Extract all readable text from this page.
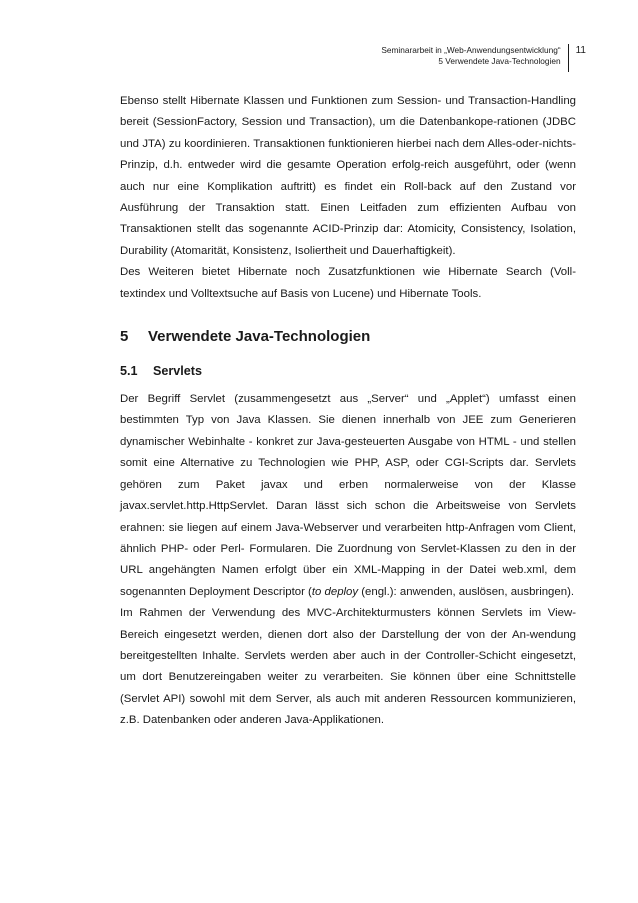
Seminararbeit in „Web-Anwendungsentwicklung“
5 Verwendete Java-Technologien
11

Ebenso stellt Hibernate Klassen und Funktionen zum Session- und Transaction-Handling bereit (SessionFactory, Session und Transaction), um die Datenbankope-rationen (JDBC und JTA) zu koordinieren. Transaktionen funktionieren hierbei nach dem Alles-oder-nichts-Prinzip, d.h. entweder wird die gesamte Operation erfolg-reich ausgeführt, oder (wenn auch nur eine Komplikation auftritt) es findet ein Roll-back auf den Zustand vor Ausführung der Transaktion statt. Einen Leitfaden zum effizienten Aufbau von Transaktionen stellt das sogenannte ACID-Prinzip dar: Atomicity, Consistency, Isolation, Durability (Atomarität, Konsistenz, Isoliertheit und Dauerhaftigkeit).

Des Weiteren bietet Hibernate noch Zusatzfunktionen wie Hibernate Search (Voll-textindex und Volltextsuche auf Basis von Lucene) und Hibernate Tools.

5 Verwendete Java-Technologien
5.1 Servlets

Der Begriff Servlet (zusammengesetzt aus „Server“ und „Applet“) umfasst einen bestimmten Typ von Java Klassen. Sie dienen innerhalb von JEE zum Generieren dynamischer Webinhalte - konkret zur Java-gesteuerten Ausgabe von HTML - und stellen somit eine Alternative zu Technologien wie PHP, ASP, oder CGI-Scripts dar. Servlets gehören zum Paket javax und erben normalerweise von der Klasse javax.servlet.http.HttpServlet. Daran lässt sich schon die Arbeitsweise von Servlets erahnen: sie liegen auf einem Java-Webserver und verarbeiten http-Anfragen vom Client, ähnlich PHP- oder Perl- Formularen. Die Zuordnung von Servlet-Klassen zu den in der URL angehängten Namen erfolgt über ein XML-Mapping in der Datei web.xml, dem sogenannten Deployment Descriptor (to deploy (engl.): anwenden, auslösen, ausbringen).

Im Rahmen der Verwendung des MVC-Architekturmusters können Servlets im View-Bereich eingesetzt werden, dienen dort also der Darstellung der von der An-wendung bereitgestellten Inhalte. Servlets werden aber auch in der Controller-Schicht eingesetzt, um dort Benutzereingaben weiter zu verarbeiten. Sie können über eine Schnittstelle (Servlet API) sowohl mit dem Server, als auch mit anderen Ressourcen kommunizieren, z.B. Datenbanken oder anderen Java-Applikationen.
